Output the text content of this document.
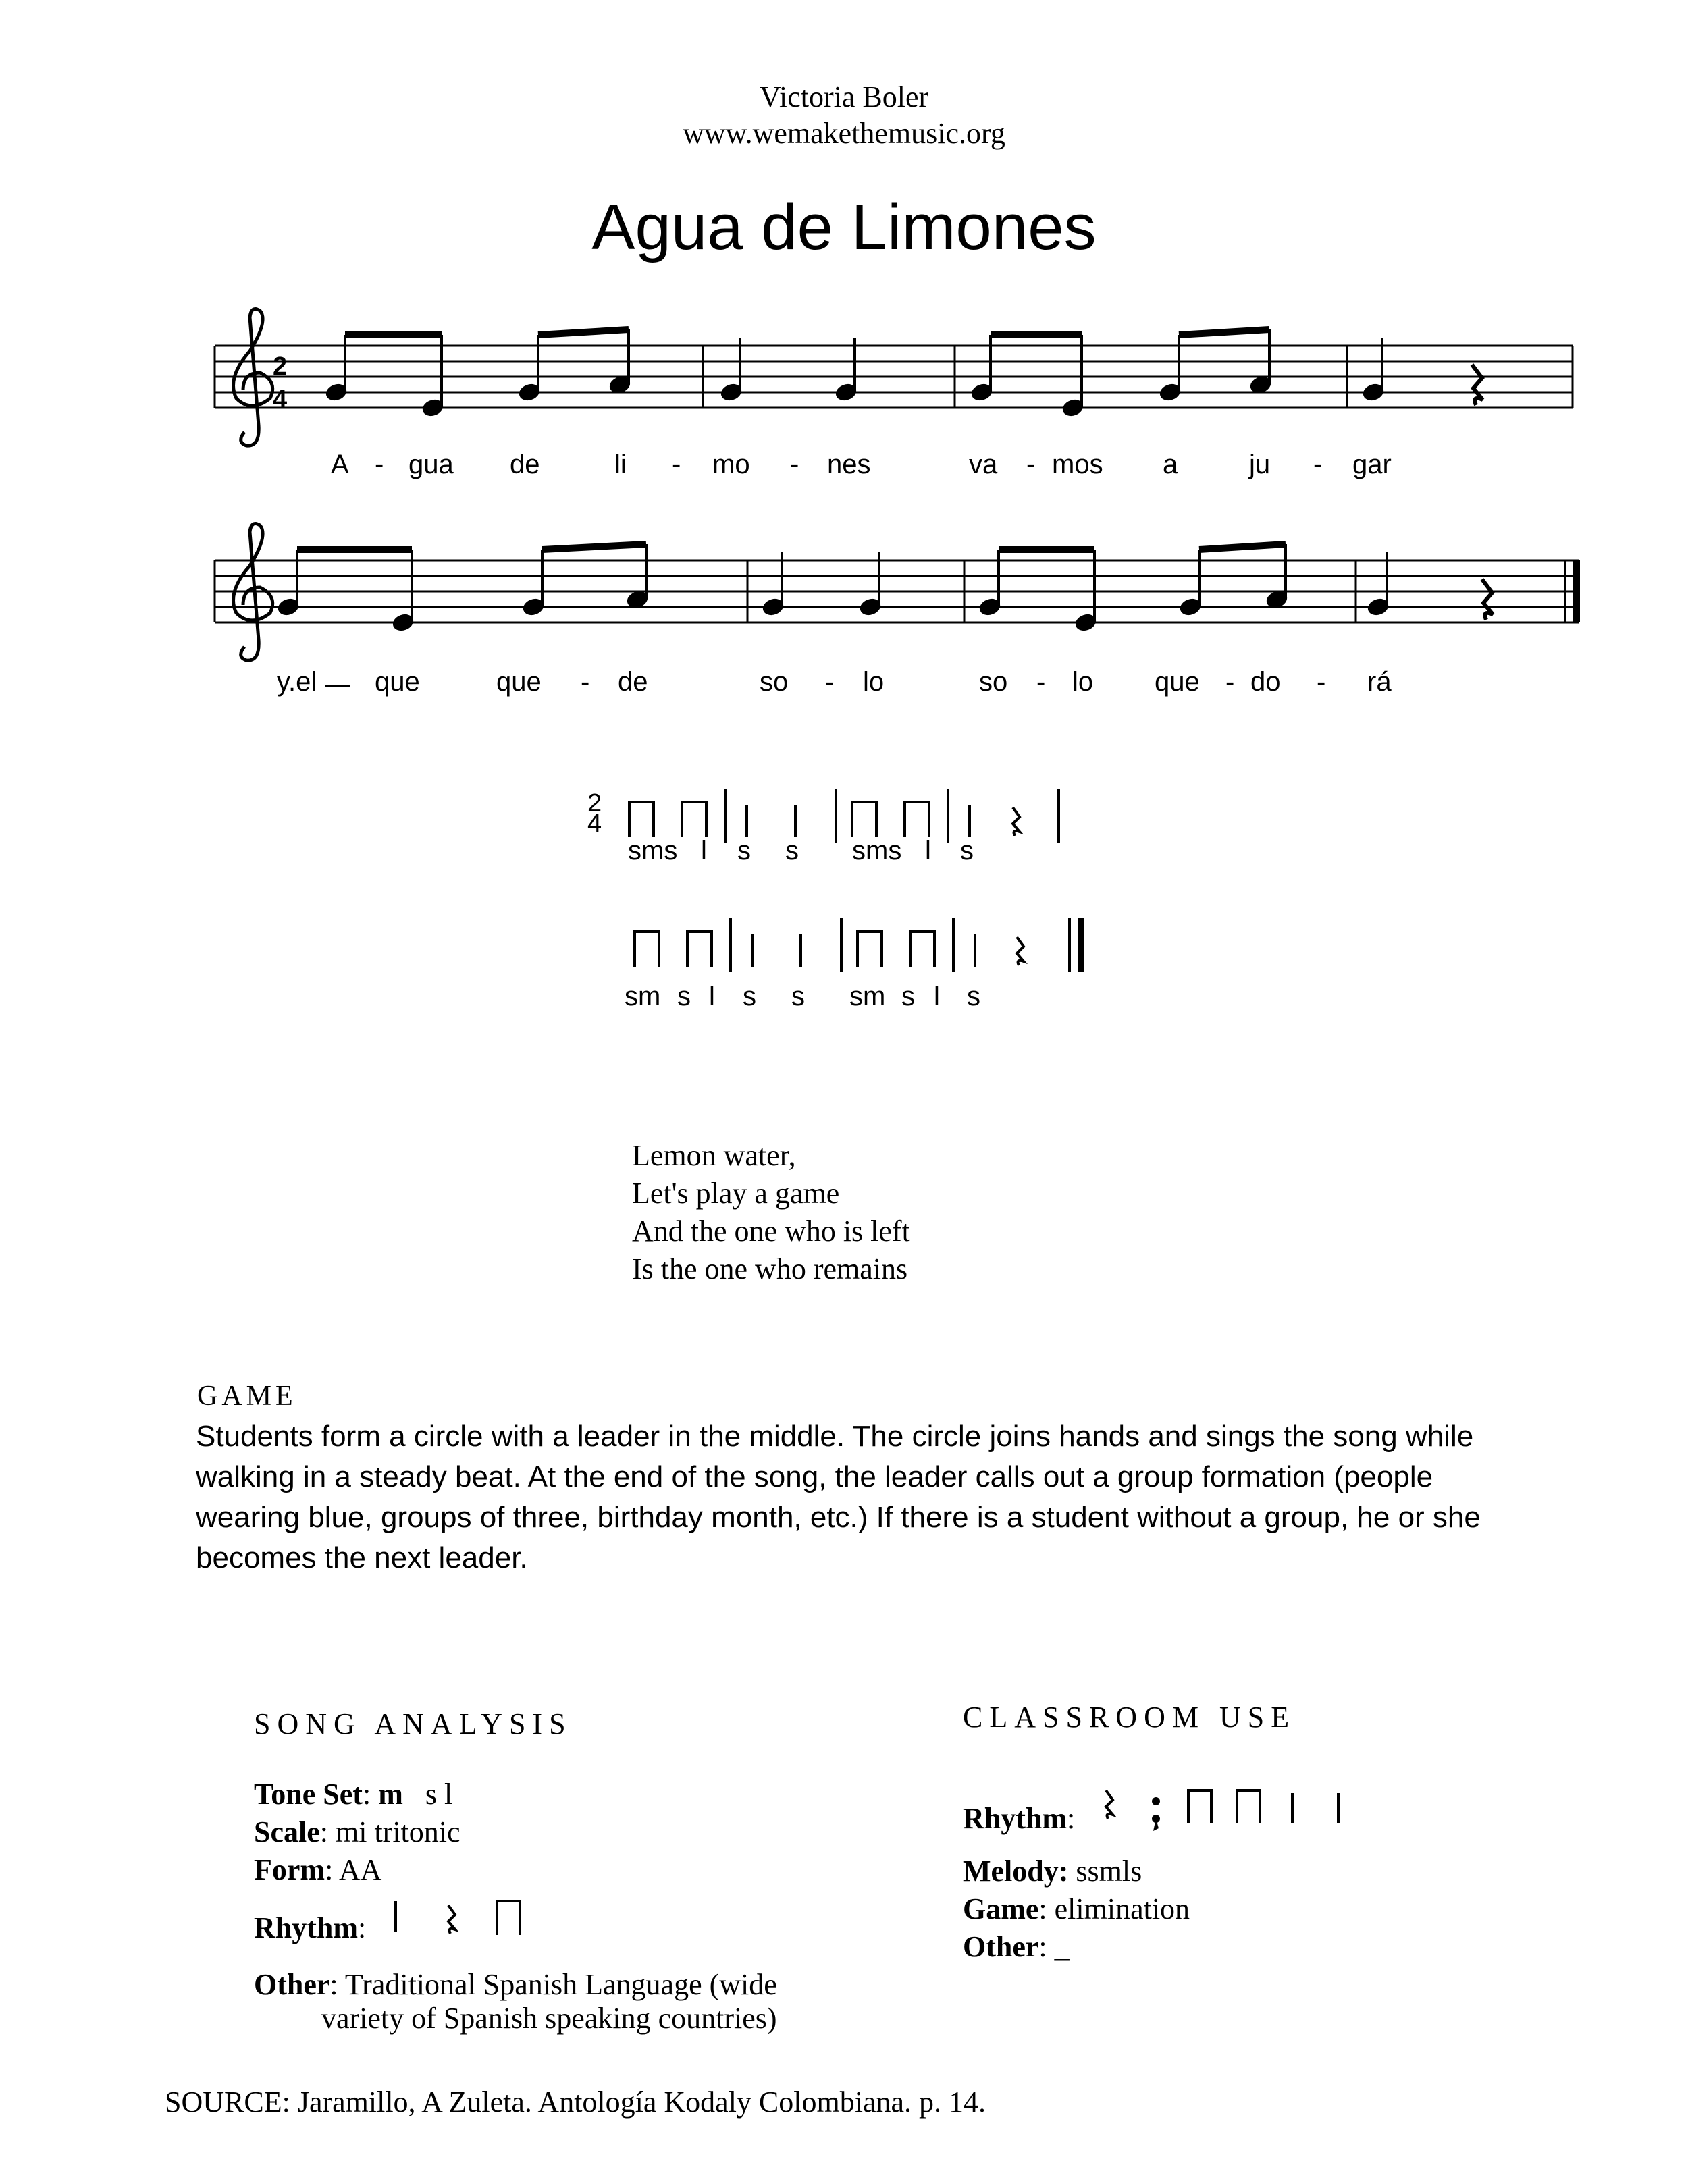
Victoria Boler
www.wemakethemusic.org
Agua de Limones
2
4
A - gua de	li - mo - nes	va - mos a	ju - gar
y.el que	que - de	so - lo	so - lo que - do - rá
2
4
sms l s s sms l s
sm s l s s sm s l s
Lemon water,
Let's play a game
And the one who is left
Is the one who remains
GAME
Students form a circle with a leader in the middle. The circle joins hands and sings the song while walking in a steady beat. At the end of the song, the leader calls out a group formation (people wearing blue, groups of three, birthday month, etc.) If there is a student without a group, he or she becomes the next leader.
SONG ANALYSIS
Tone Set: m s l
Scale: mi tritonic
Form: AA
Rhythm:
Other: Traditional Spanish Language (wide
variety of Spanish speaking countries)
CLASSROOM USE
Rhythm:
Melody: ssmls
Game: elimination
Other: _
SOURCE: Jaramillo, A Zuleta. Antología Kodaly Colombiana. p. 14.
